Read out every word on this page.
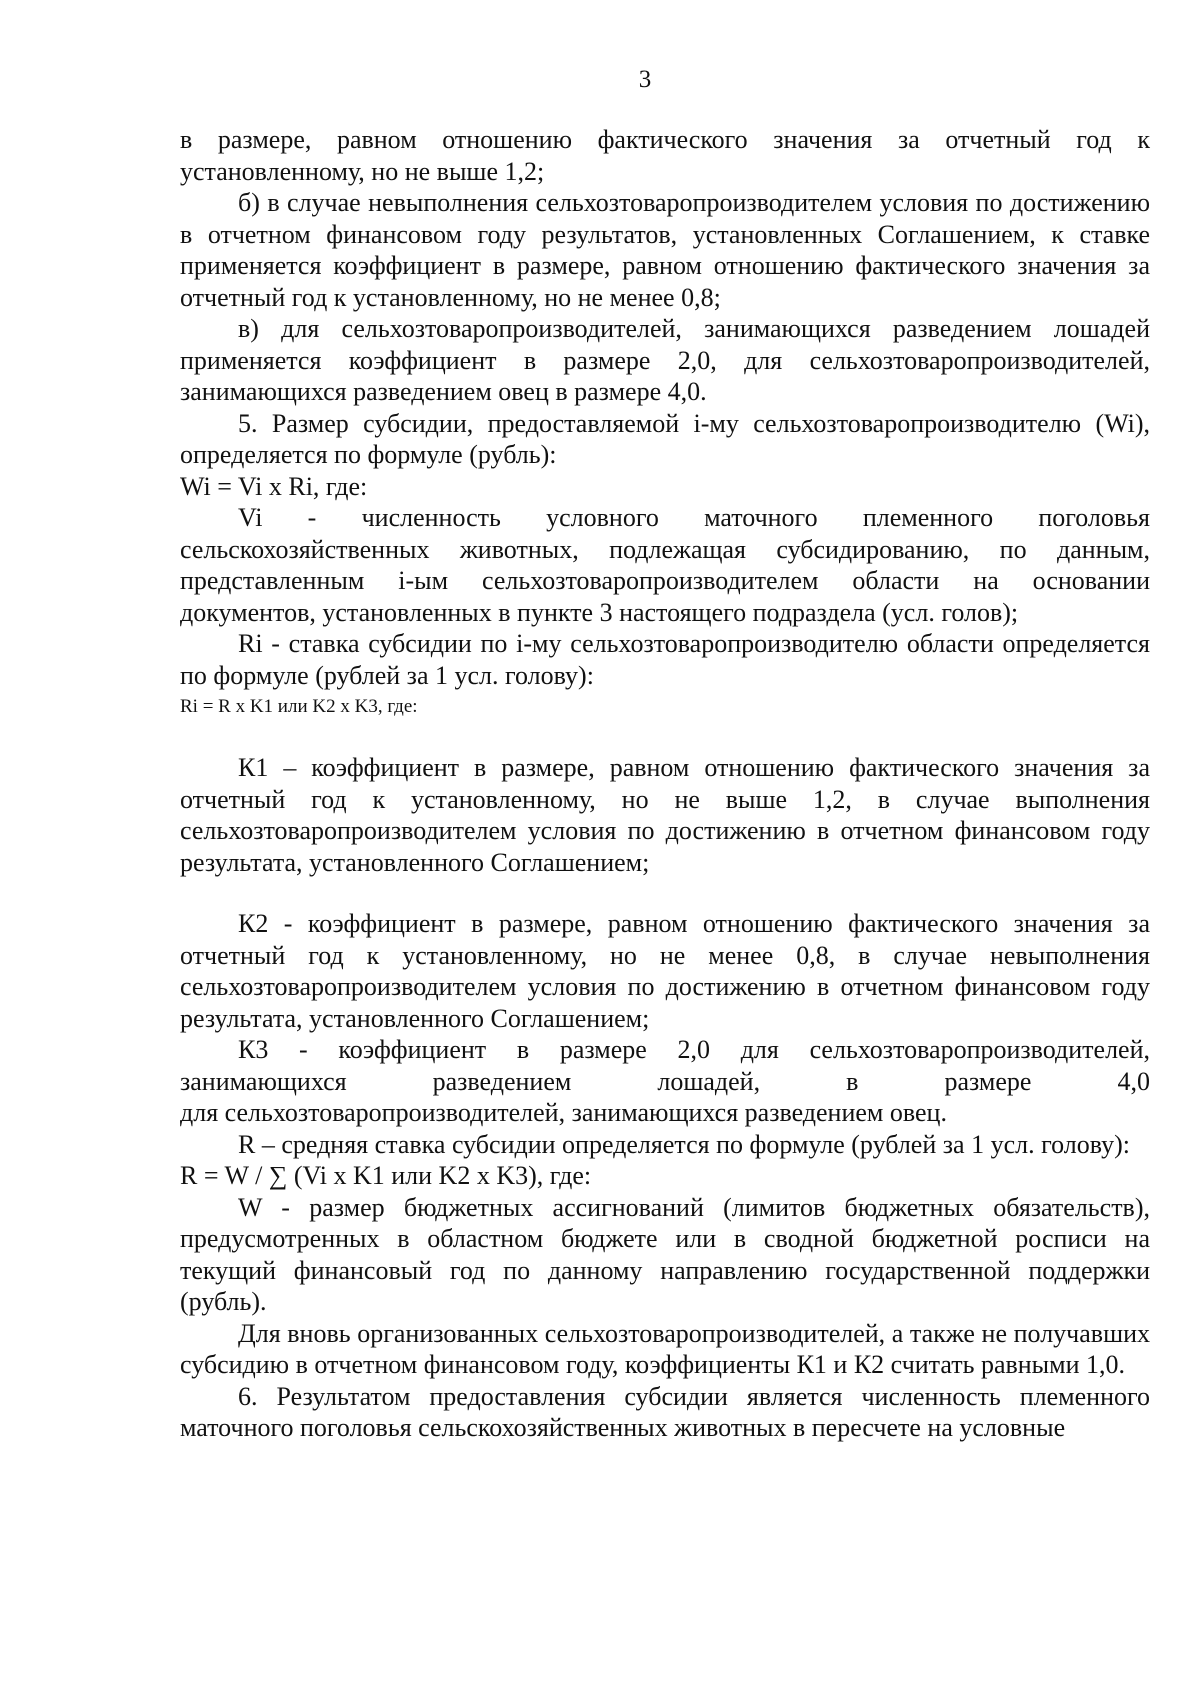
3

в размере, равном отношению фактического значения за отчетный год к установленному, но не выше 1,2;

б) в случае невыполнения сельхозтоваропроизводителем условия по достижению в отчетном финансовом году результатов, установленных Соглашением, к ставке применяется коэффициент в размере, равном отношению фактического значения за отчетный год к установленному, но не менее 0,8;

в) для сельхозтоваропроизводителей, занимающихся разведением лошадей применяется коэффициент в размере 2,0, для сельхозтоваропроизводителей, занимающихся разведением овец в размере 4,0.

5. Размер субсидии, предоставляемой i-му сельхозтоваропроизводителю (Wi), определяется по формуле (рубль):

Wi = Vi x Ri, где:

Vi - численность условного маточного племенного поголовья сельскохозяйственных животных, подлежащая субсидированию, по данным, представленным i-ым сельхозтоваропроизводителем области на основании документов, установленных в пункте 3 настоящего подраздела (усл. голов);

Ri - ставка субсидии по i-му сельхозтоваропроизводителю области определяется по формуле (рублей за 1 усл. голову):

Ri = R x K1 или K2 x K3, где:

К1 – коэффициент в размере, равном отношению фактического значения за отчетный год к установленному, но не выше 1,2, в случае выполнения сельхозтоваропроизводителем условия по достижению в отчетном финансовом году результата, установленного Соглашением;

К2 - коэффициент в размере, равном отношению фактического значения за отчетный год к установленному, но не менее 0,8, в случае невыполнения сельхозтоваропроизводителем условия по достижению в отчетном финансовом году результата, установленного Соглашением;

К3 - коэффициент в размере 2,0 для сельхозтоваропроизводителей, занимающихся разведением лошадей, в размере 4,0

для сельхозтоваропроизводителей, занимающихся разведением овец.

R – средняя ставка субсидии определяется по формуле (рублей за 1 усл. голову):

R = W / ∑ (Vi x K1 или K2 x K3), где:

W - размер бюджетных ассигнований (лимитов бюджетных обязательств), предусмотренных в областном бюджете или в сводной бюджетной росписи на текущий финансовый год по данному направлению государственной поддержки (рубль).

Для вновь организованных сельхозтоваропроизводителей, а также не получавших субсидию в отчетном финансовом году, коэффициенты К1 и К2 считать равными 1,0.

6. Результатом предоставления субсидии является численность племенного маточного поголовья сельскохозяйственных животных в пересчете на условные
